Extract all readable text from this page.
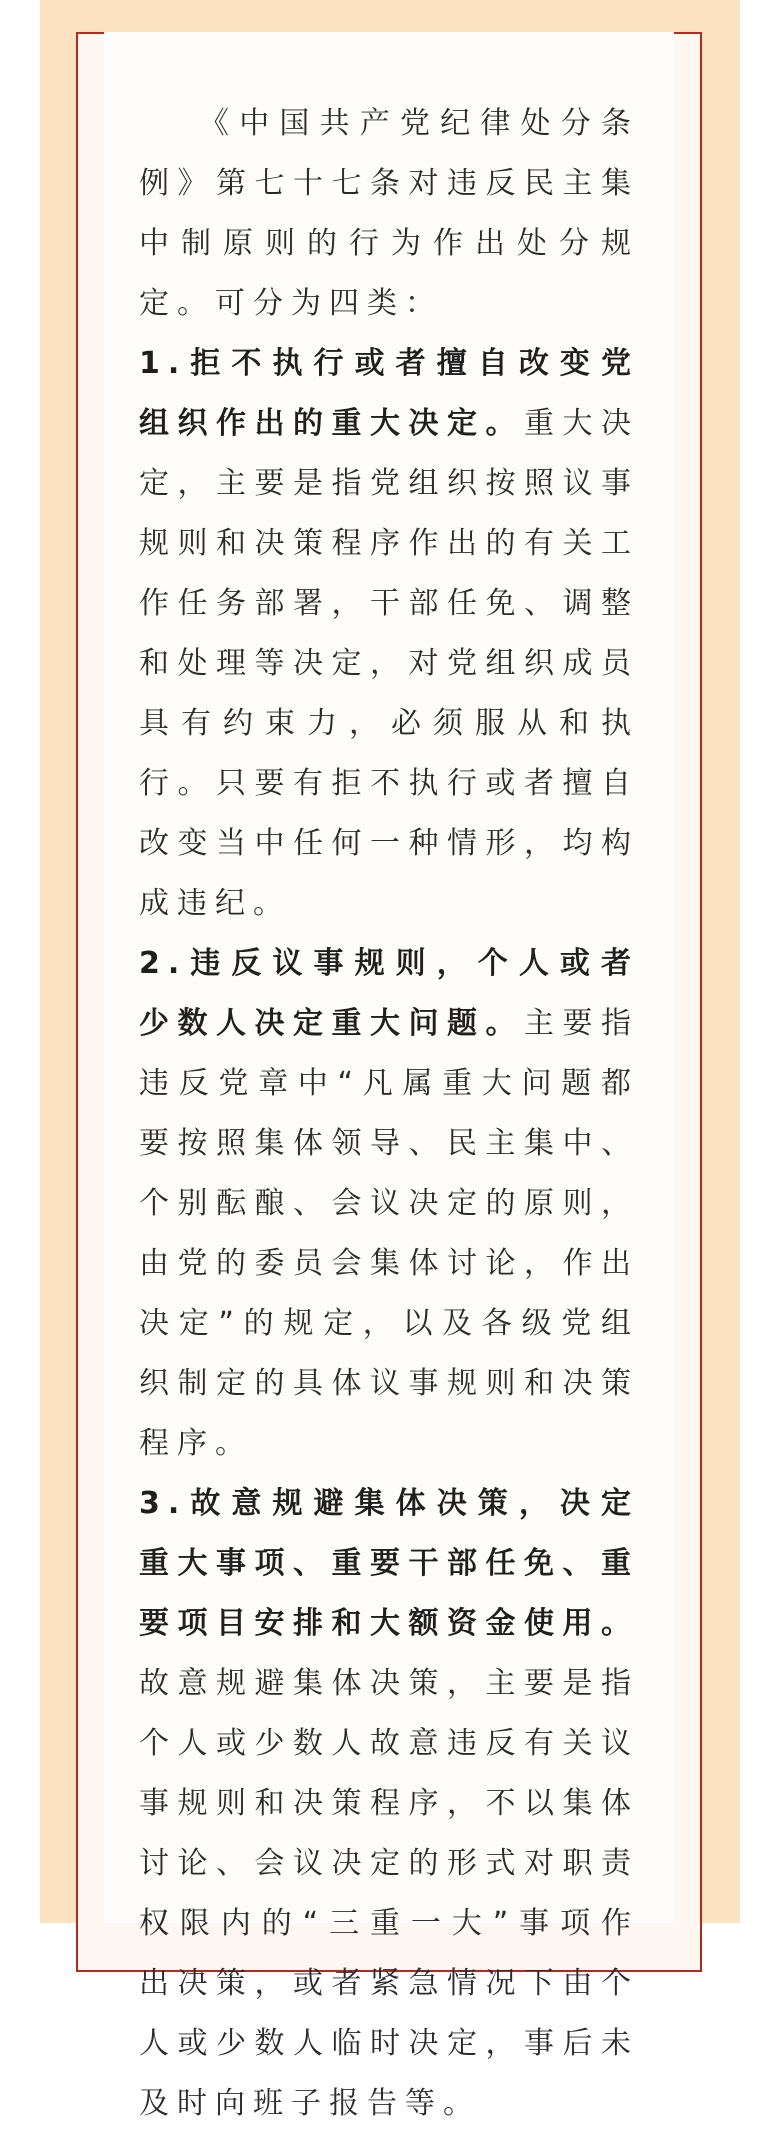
《中国共产党纪律处分条例》第七十七条对违反民主集中制原则的行为作出处分规定。可分为四类：

1.拒不执行或者擅自改变党组织作出的重大决定。重大决定，主要是指党组织按照议事规则和决策程序作出的有关工作任务部署，干部任免、调整和处理等决定，对党组织成员具有约束力，必须服从和执行。只要有拒不执行或者擅自改变当中任何一种情形，均构成违纪。

2.违反议事规则，个人或者少数人决定重大问题。主要指违反党章中“凡属重大问题都要按照集体领导、民主集中、个别酝酿、会议决定的原则，由党的委员会集体讨论，作出决定”的规定，以及各级党组织制定的具体议事规则和决策程序。

3.故意规避集体决策，决定重大事项、重要干部任免、重要项目安排和大额资金使用。故意规避集体决策，主要是指个人或少数人故意违反有关议事规则和决策程序，不以集体讨论、会议决定的形式对职责权限内的“三重一大”事项作出决策，或者紧急情况下由个人或少数人临时决定，事后未及时向班子报告等。
